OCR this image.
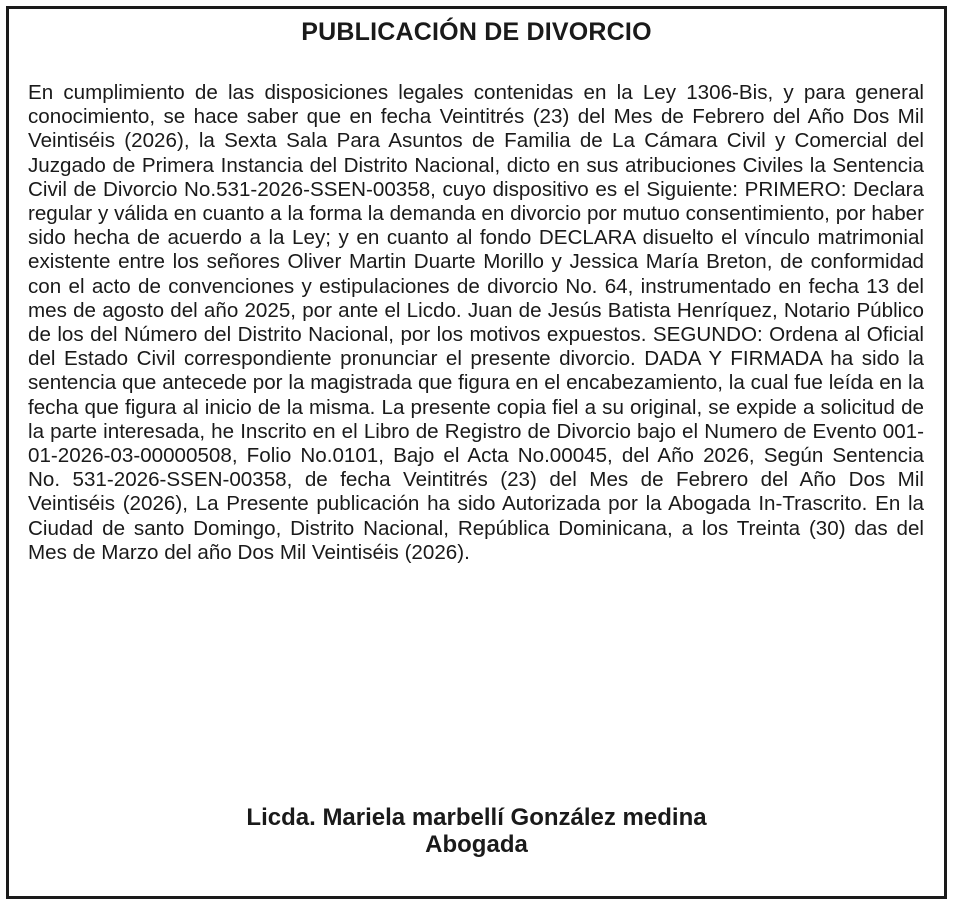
PUBLICACIÓN DE DIVORCIO

En cumplimiento de las disposiciones legales contenidas en la Ley 1306-Bis, y para general conocimiento, se hace saber que en fecha Veintitrés (23) del Mes de Febrero del Año Dos Mil Veintiséis (2026), la Sexta Sala Para Asuntos de Familia de La Cámara Civil y Comercial del Juzgado de Primera Instancia del Distrito Nacional, dicto en sus atribuciones Civiles la Sentencia Civil de Divorcio No.531-2026-SSEN-00358, cuyo dispositivo es el Siguiente: PRIMERO: Declara regular y válida en cuanto a la forma la demanda en divorcio por mutuo consentimiento, por haber sido hecha de acuerdo a la Ley; y en cuanto al fondo DECLARA disuelto el vínculo matrimonial existente entre los señores Oliver Martin Duarte Morillo y Jessica María Breton, de conformidad con el acto de convenciones y estipulaciones de divorcio No. 64, instrumentado en fecha 13 del mes de agosto del año 2025, por ante el Licdo. Juan de Jesús Batista Henríquez, Notario Público de los del Número del Distrito Nacional, por los motivos expuestos. SEGUNDO: Ordena al Oficial del Estado Civil correspondiente pronunciar el presente divorcio. DADA Y FIRMADA ha sido la sentencia que antecede por la magistrada que figura en el encabezamiento, la cual fue leída en la fecha que figura al inicio de la misma. La presente copia fiel a su original, se expide a solicitud de la parte interesada, he Inscrito en el Libro de Registro de Divorcio bajo el Numero de Evento 001-01-2026-03-00000508, Folio No.0101, Bajo el Acta No.00045, del Año 2026, Según Sentencia No. 531-2026-SSEN-00358, de fecha Veintitrés (23) del Mes de Febrero del Año Dos Mil Veintiséis (2026), La Presente publicación ha sido Autorizada por la Abogada In-Trascrito. En la Ciudad de santo Domingo, Distrito Nacional, República Dominicana, a los Treinta (30) das del Mes de Marzo del año Dos Mil Veintiséis (2026).

Licda. Mariela marbellí González medina
Abogada
